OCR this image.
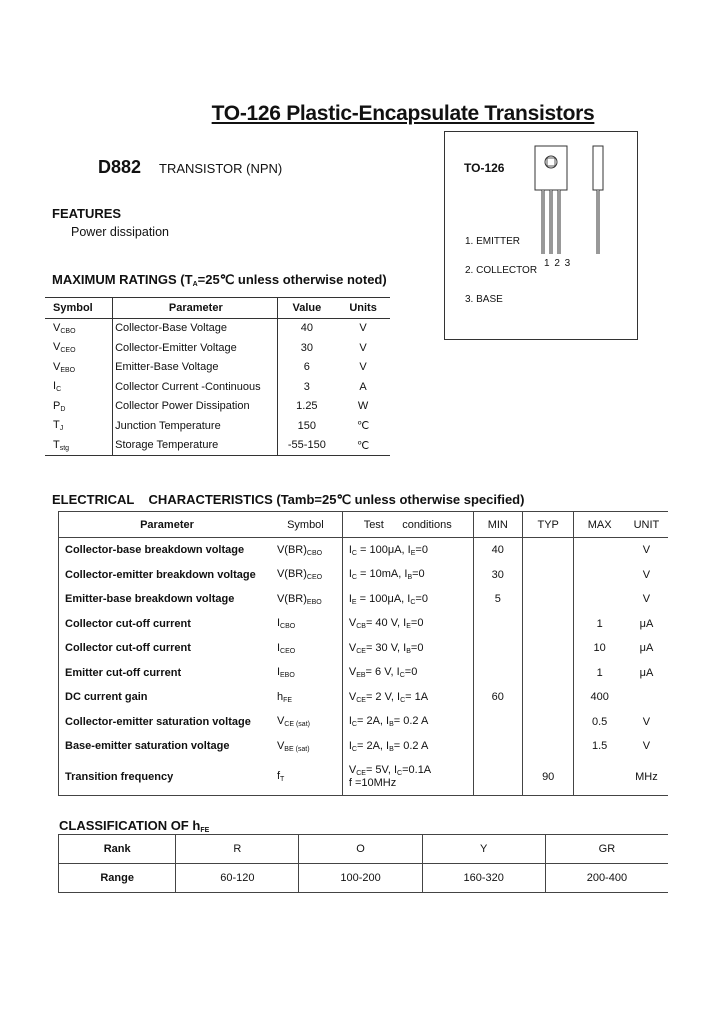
TO-126 Plastic-Encapsulate Transistors
D882 TRANSISTOR (NPN)
FEATURES
Power dissipation
TO-126
1. EMITTER
2. COLLECTOR
3. BASE
1 2 3
MAXIMUM RATINGS ($T_A=25℃$ unless otherwise noted)
Symbol	Parameter	Value	Units
$V_{CBO}$	Collector-Base Voltage	40	V
$V_{CEO}$	Collector-Emitter Voltage	30	V
$V_{EBO}$	Emitter-Base Voltage	6	V
$I_C$	Collector Current -Continuous	3	A
$P_D$	Collector Power Dissipation	1.25	W
$T_J$	Junction Temperature	150	℃
$T_{stg}$	Storage Temperature	-55-150	℃
ELECTRICAL    CHARACTERISTICS (Tamb=25℃ unless otherwise specified)
Parameter	Symbol	Test      conditions	MIN	TYP	MAX	UNIT
Collector-base breakdown voltage	$V(BR)_{CBO}$	$I_C = 100\mu A$, $I_E=0$	40			V
Collector-emitter breakdown voltage	$V(BR)_{CEO}$	$I_C = 10mA$, $I_B=0$	30			V
Emitter-base breakdown voltage	$V(BR)_{EBO}$	$I_E = 100\mu A$, $I_C=0$	5			V
Collector cut-off current	$I_{CBO}$	$V_{CB}= 40$ V, $I_E=0$			1	μA
Collector cut-off current	$I_{CEO}$	$V_{CE}= 30$ V, $I_B=0$			10	μA
Emitter cut-off current	$I_{EBO}$	$V_{EB}= 6$ V, $I_C=0$			1	μA
DC current gain	$h_{FE}$	$V_{CE}= 2$ V, $I_C= 1A$	60		400	
Collector-emitter saturation voltage	$V_{CE (sat)}$	$I_C= 2A$, $I_B= 0.2$ A			0.5	V
Base-emitter saturation voltage	$V_{BE (sat)}$	$I_C= 2A$, $I_B= 0.2$ A			1.5	V
Transition frequency	$f_T$	$V_{CE}= 5V$, $I_C=0.1A$
f =10MHz		90		MHz
CLASSIFICATION OF $h_{FE}$
Rank	R	O	Y	GR
Range	60-120	100-200	160-320	200-400
